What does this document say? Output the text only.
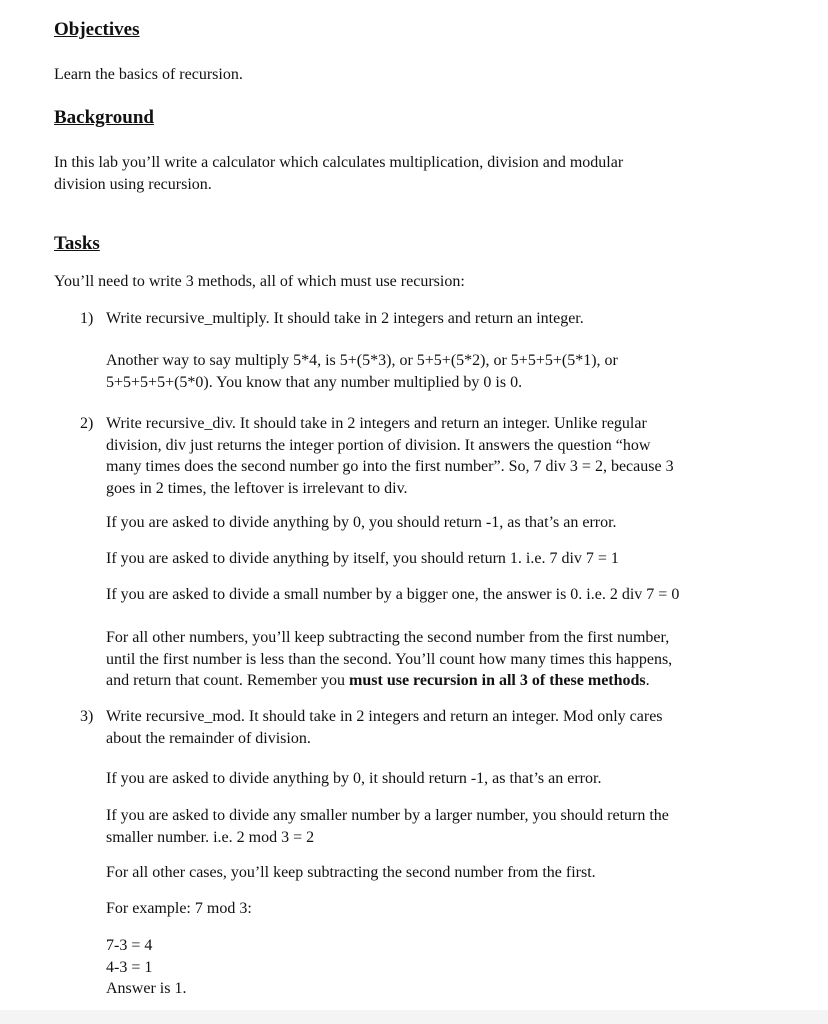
Objectives
Learn the basics of recursion.
Background
In this lab you’ll write a calculator which calculates multiplication, division and modular
division using recursion.
Tasks
You’ll need to write 3 methods, all of which must use recursion:
1) Write recursive_multiply. It should take in 2 integers and return an integer.
Another way to say multiply 5*4, is 5+(5*3), or 5+5+(5*2), or 5+5+5+(5*1), or
5+5+5+5+(5*0). You know that any number multiplied by 0 is 0.
2) Write recursive_div. It should take in 2 integers and return an integer. Unlike regular
division, div just returns the integer portion of division. It answers the question “how
many times does the second number go into the first number”. So, 7 div 3 = 2, because 3
goes in 2 times, the leftover is irrelevant to div.
If you are asked to divide anything by 0, you should return -1, as that’s an error.
If you are asked to divide anything by itself, you should return 1. i.e. 7 div 7 = 1
If you are asked to divide a small number by a bigger one, the answer is 0. i.e. 2 div 7 = 0
For all other numbers, you’ll keep subtracting the second number from the first number,
until the first number is less than the second. You’ll count how many times this happens,
and return that count. Remember you must use recursion in all 3 of these methods.
3) Write recursive_mod. It should take in 2 integers and return an integer. Mod only cares
about the remainder of division.
If you are asked to divide anything by 0, it should return -1, as that’s an error.
If you are asked to divide any smaller number by a larger number, you should return the
smaller number. i.e. 2 mod 3 = 2
For all other cases, you’ll keep subtracting the second number from the first.
For example: 7 mod 3:
7-3 = 4
4-3 = 1
Answer is 1.
